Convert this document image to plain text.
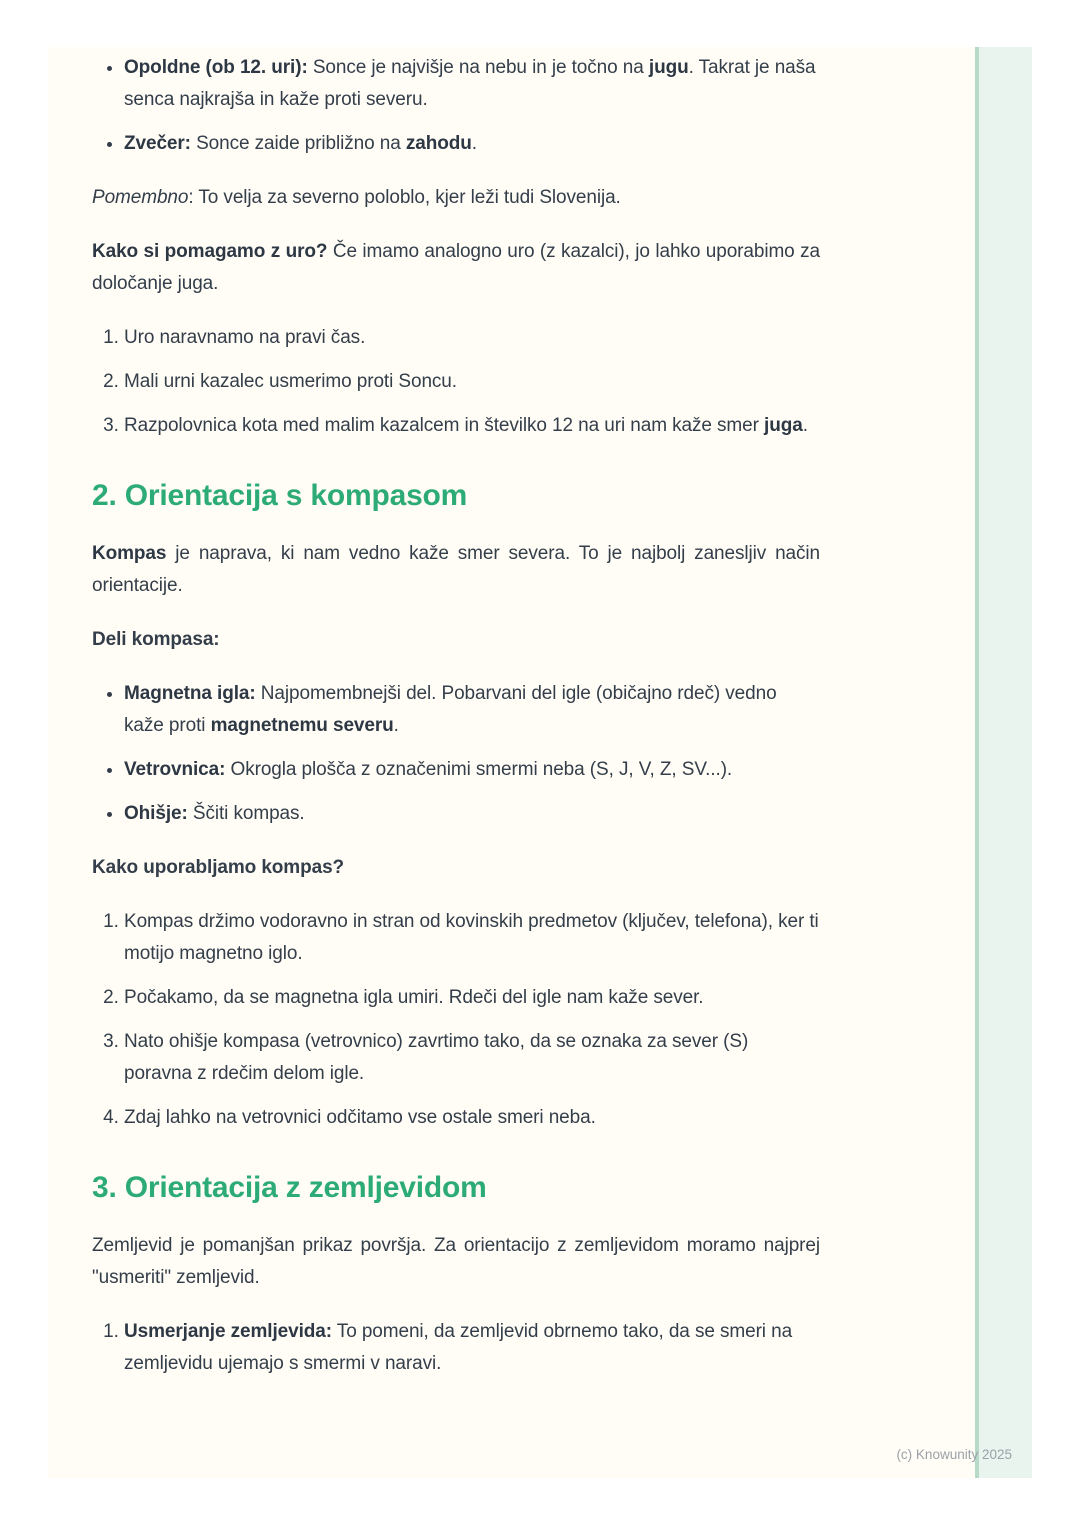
• Opoldne (ob 12. uri): Sonce je najvišje na nebu in je točno na jugu. Takrat je naša senca najkrajša in kaže proti severu.
• Zvečer: Sonce zaide približno na zahodu.

Pomembno: To velja za severno poloblo, kjer leži tudi Slovenija.

Kako si pomagamo z uro? Če imamo analogno uro (z kazalci), jo lahko uporabimo za določanje juga.

1. Uro naravnamo na pravi čas.
2. Mali urni kazalec usmerimo proti Soncu.
3. Razpolovnica kota med malim kazalcem in številko 12 na uri nam kaže smer juga.
2. Orientacija s kompasom

Kompas je naprava, ki nam vedno kaže smer severa. To je najbolj zanesljiv način orientacije.

Deli kompasa:

• Magnetna igla: Najpomembnejši del. Pobarvani del igle (običajno rdeč) vedno kaže proti magnetnemu severu.
• Vetrovnica: Okrogla plošča z označenimi smermi neba (S, J, V, Z, SV...).
• Ohišje: Ščiti kompas.

Kako uporabljamo kompas?

1. Kompas držimo vodoravno in stran od kovinskih predmetov (ključev, telefona), ker ti motijo magnetno iglo.
2. Počakamo, da se magnetna igla umiri. Rdeči del igle nam kaže sever.
3. Nato ohišje kompasa (vetrovnico) zavrtimo tako, da se oznaka za sever (S) poravna z rdečim delom igle.
4. Zdaj lahko na vetrovnici odčitamo vse ostale smeri neba.
3. Orientacija z zemljevidom

Zemljevid je pomanjšan prikaz površja. Za orientacijo z zemljevidom moramo najprej "usmeriti" zemljevid.

1. Usmerjanje zemljevida: To pomeni, da zemljevid obrnemo tako, da se smeri na zemljevidu ujemajo s smermi v naravi.
(c) Knowunity 2025
